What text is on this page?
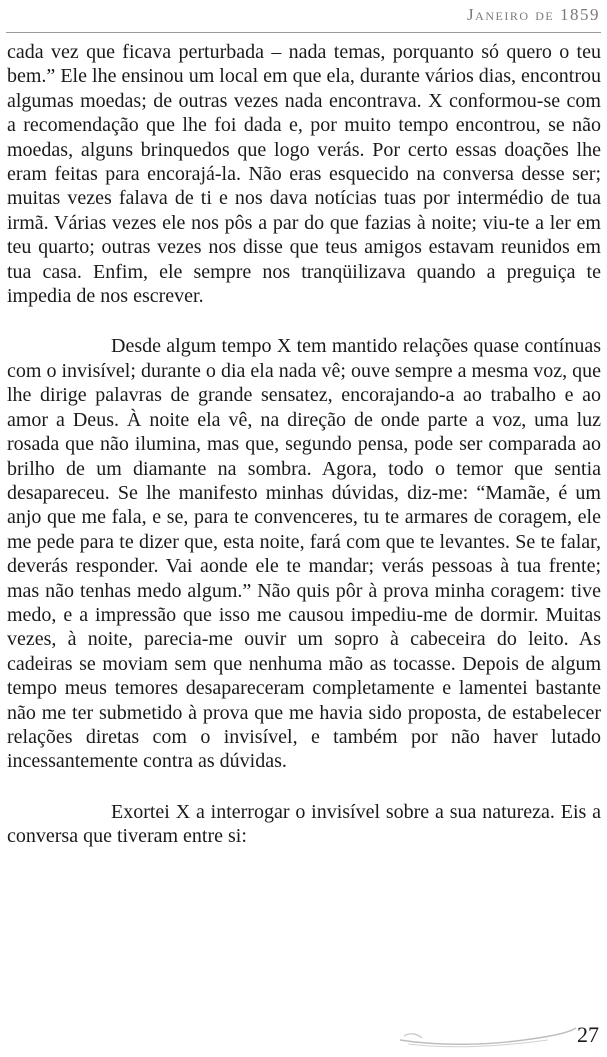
Janeiro de 1859

cada vez que ficava perturbada – nada temas, porquanto só quero o teu bem.” Ele lhe ensinou um local em que ela, durante vários dias, encontrou algumas moedas; de outras vezes nada encontrava. X conformou-se com a recomendação que lhe foi dada e, por muito tempo encontrou, se não moedas, alguns brinquedos que logo verás. Por certo essas doações lhe eram feitas para encorajá-la. Não eras esquecido na conversa desse ser; muitas vezes falava de ti e nos dava notícias tuas por intermédio de tua irmã. Várias vezes ele nos pôs a par do que fazias à noite; viu-te a ler em teu quarto; outras vezes nos disse que teus amigos estavam reunidos em tua casa. Enfim, ele sempre nos tranqüilizava quando a preguiça te impedia de nos escrever.

Desde algum tempo X tem mantido relações quase contínuas com o invisível; durante o dia ela nada vê; ouve sempre a mesma voz, que lhe dirige palavras de grande sensatez, encorajando-a ao trabalho e ao amor a Deus. À noite ela vê, na direção de onde parte a voz, uma luz rosada que não ilumina, mas que, segundo pensa, pode ser comparada ao brilho de um diamante na sombra. Agora, todo o temor que sentia desapareceu. Se lhe manifesto minhas dúvidas, diz-me: “Mamãe, é um anjo que me fala, e se, para te convenceres, tu te armares de coragem, ele me pede para te dizer que, esta noite, fará com que te levantes. Se te falar, deverás responder. Vai aonde ele te mandar; verás pessoas à tua frente; mas não tenhas medo algum.” Não quis pôr à prova minha coragem: tive medo, e a impressão que isso me causou impediu-me de dormir. Muitas vezes, à noite, parecia-me ouvir um sopro à cabeceira do leito. As cadeiras se moviam sem que nenhuma mão as tocasse. Depois de algum tempo meus temores desapareceram completamente e lamentei bastante não me ter submetido à prova que me havia sido proposta, de estabelecer relações diretas com o invisível, e também por não haver lutado incessantemente contra as dúvidas.

Exortei X a interrogar o invisível sobre a sua natureza. Eis a conversa que tiveram entre si:

27
